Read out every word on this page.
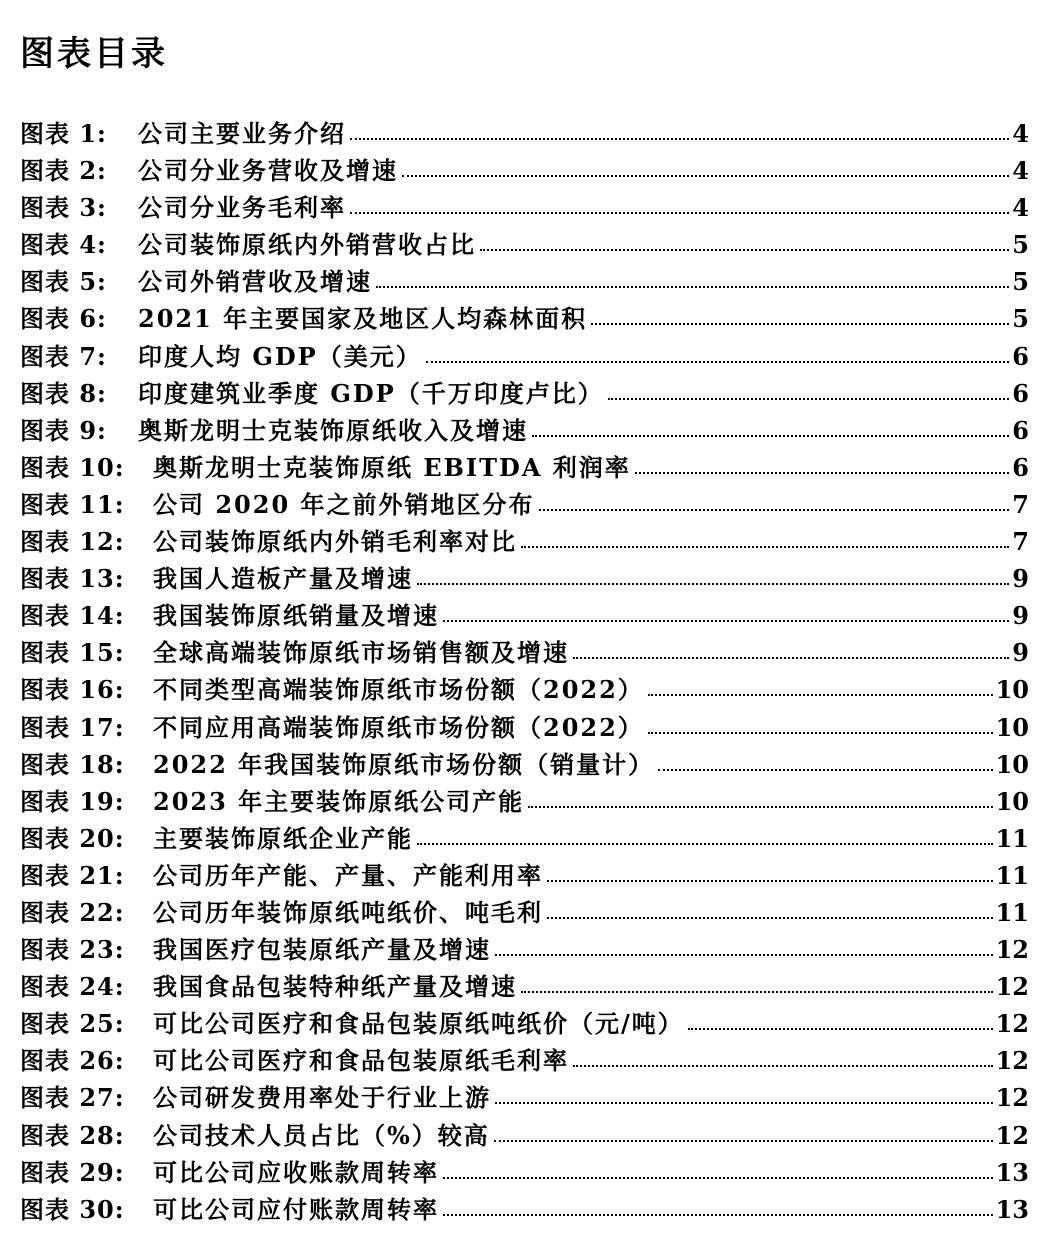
图表目录
图表 1:	公司主要业务介绍	4
图表 2:	公司分业务营收及增速	4
图表 3:	公司分业务毛利率	4
图表 4:	公司装饰原纸内外销营收占比	5
图表 5:	公司外销营收及增速	5
图表 6:	2021 年主要国家及地区人均森林面积	5
图表 7:	印度人均 GDP（美元）	6
图表 8:	印度建筑业季度 GDP（千万印度卢比）	6
图表 9:	奥斯龙明士克装饰原纸收入及增速	6
图表 10:	奥斯龙明士克装饰原纸 EBITDA 利润率	6
图表 11:	公司 2020 年之前外销地区分布	7
图表 12:	公司装饰原纸内外销毛利率对比	7
图表 13:	我国人造板产量及增速	9
图表 14:	我国装饰原纸销量及增速	9
图表 15:	全球高端装饰原纸市场销售额及增速	9
图表 16:	不同类型高端装饰原纸市场份额（2022）	10
图表 17:	不同应用高端装饰原纸市场份额（2022）	10
图表 18:	2022 年我国装饰原纸市场份额（销量计）	10
图表 19:	2023 年主要装饰原纸公司产能	10
图表 20:	主要装饰原纸企业产能	11
图表 21:	公司历年产能、产量、产能利用率	11
图表 22:	公司历年装饰原纸吨纸价、吨毛利	11
图表 23:	我国医疗包装原纸产量及增速	12
图表 24:	我国食品包装特种纸产量及增速	12
图表 25:	可比公司医疗和食品包装原纸吨纸价（元/吨）	12
图表 26:	可比公司医疗和食品包装原纸毛利率	12
图表 27:	公司研发费用率处于行业上游	12
图表 28:	公司技术人员占比（%）较高	12
图表 29:	可比公司应收账款周转率	13
图表 30:	可比公司应付账款周转率	13
